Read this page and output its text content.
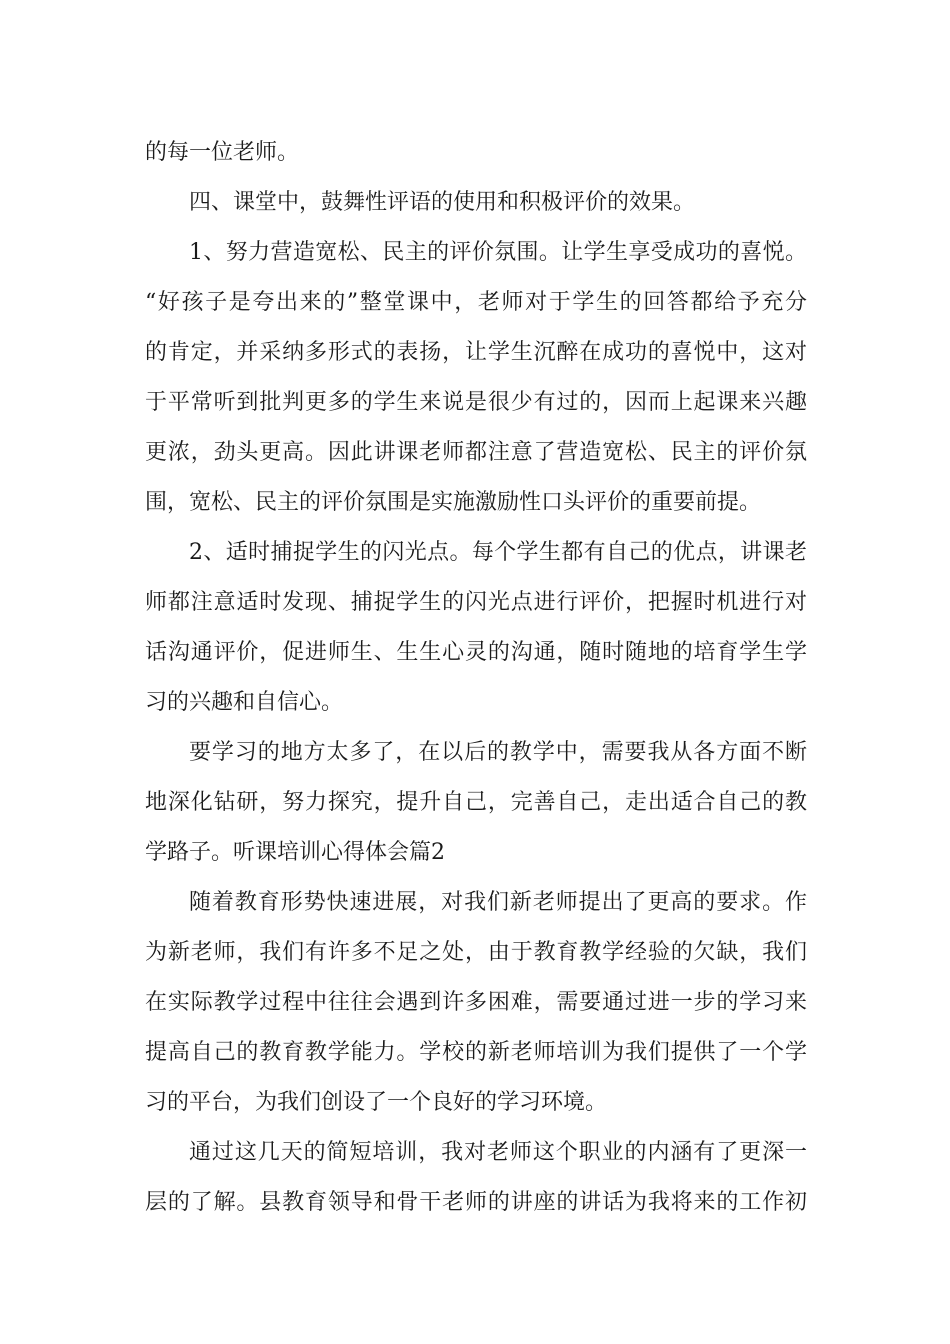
的每一位老师。
四、课堂中，鼓舞性评语的使用和积极评价的效果。
1、努力营造宽松、民主的评价氛围。让学生享受成功的喜悦。
“好孩子是夸出来的”整堂课中，老师对于学生的回答都给予充分
的肯定，并采纳多形式的表扬，让学生沉醉在成功的喜悦中，这对
于平常听到批判更多的学生来说是很少有过的，因而上起课来兴趣
更浓，劲头更高。因此讲课老师都注意了营造宽松、民主的评价氛
围，宽松、民主的评价氛围是实施激励性口头评价的重要前提。
2、适时捕捉学生的闪光点。每个学生都有自己的优点，讲课老
师都注意适时发现、捕捉学生的闪光点进行评价，把握时机进行对
话沟通评价，促进师生、生生心灵的沟通，随时随地的培育学生学
习的兴趣和自信心。
要学习的地方太多了，在以后的教学中，需要我从各方面不断
地深化钻研，努力探究，提升自己，完善自己，走出适合自己的教
学路子。听课培训心得体会篇2
随着教育形势快速进展，对我们新老师提出了更高的要求。作
为新老师，我们有许多不足之处，由于教育教学经验的欠缺，我们
在实际教学过程中往往会遇到许多困难，需要通过进一步的学习来
提高自己的教育教学能力。学校的新老师培训为我们提供了一个学
习的平台，为我们创设了一个良好的学习环境。
通过这几天的简短培训，我对老师这个职业的内涵有了更深一
层的了解。县教育领导和骨干老师的讲座的讲话为我将来的工作初
